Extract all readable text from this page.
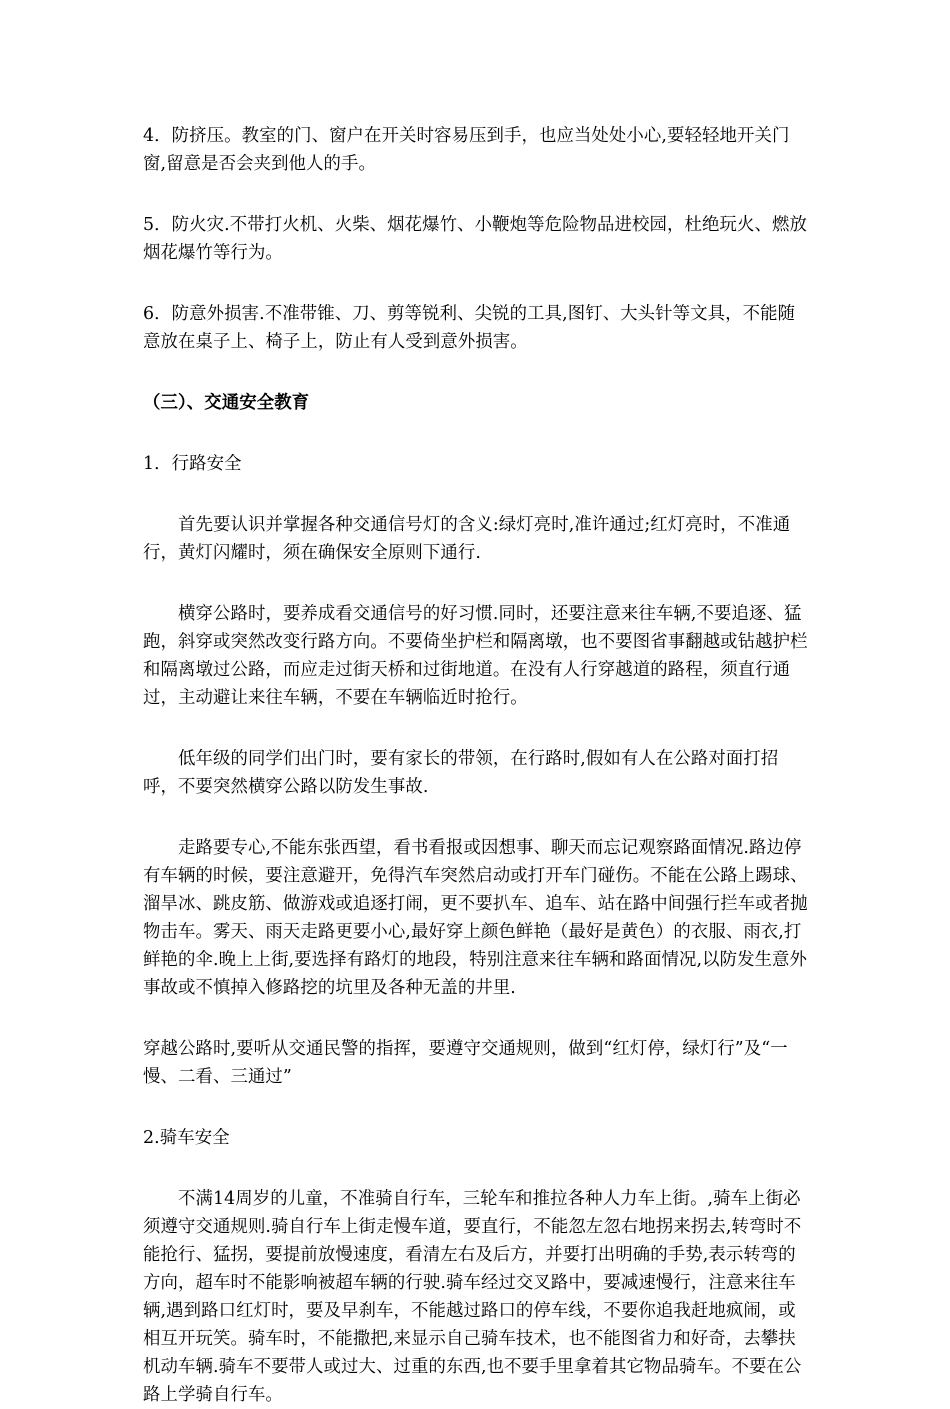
4．防挤压。教室的门、窗户在开关时容易压到手，也应当处处小心,要轻轻地开关门窗,留意是否会夹到他人的手。

5．防火灾.不带打火机、火柴、烟花爆竹、小鞭炮等危险物品进校园，杜绝玩火、燃放烟花爆竹等行为。

6．防意外损害.不准带锥、刀、剪等锐利、尖锐的工具,图钉、大头针等文具，不能随意放在桌子上、椅子上，防止有人受到意外损害。

（三）、交通安全教育

1．行路安全

首先要认识并掌握各种交通信号灯的含义:绿灯亮时,准许通过;红灯亮时，不准通行，黄灯闪耀时，须在确保安全原则下通行.

横穿公路时，要养成看交通信号的好习惯.同时，还要注意来往车辆,不要追逐、猛跑，斜穿或突然改变行路方向。不要倚坐护栏和隔离墩，也不要图省事翻越或钻越护栏和隔离墩过公路，而应走过街天桥和过街地道。在没有人行穿越道的路程，须直行通过，主动避让来往车辆，不要在车辆临近时抢行。

低年级的同学们出门时，要有家长的带领，在行路时,假如有人在公路对面打招呼，不要突然横穿公路以防发生事故.

走路要专心,不能东张西望，看书看报或因想事、聊天而忘记观察路面情况.路边停有车辆的时候，要注意避开，免得汽车突然启动或打开车门碰伤。不能在公路上踢球、溜旱冰、跳皮筋、做游戏或追逐打闹，更不要扒车、追车、站在路中间强行拦车或者抛物击车。雾天、雨天走路更要小心,最好穿上颜色鲜艳（最好是黄色）的衣服、雨衣,打鲜艳的伞.晚上上街,要选择有路灯的地段，特别注意来往车辆和路面情况,以防发生意外事故或不慎掉入修路挖的坑里及各种无盖的井里.

穿越公路时,要听从交通民警的指挥，要遵守交通规则，做到“红灯停，绿灯行”及“一慢、二看、三通过”

2.骑车安全

不满14周岁的儿童，不准骑自行车，三轮车和推拉各种人力车上街。,骑车上街必须遵守交通规则.骑自行车上街走慢车道，要直行，不能忽左忽右地拐来拐去,转弯时不能抢行、猛拐，要提前放慢速度，看清左右及后方，并要打出明确的手势,表示转弯的方向，超车时不能影响被超车辆的行驶.骑车经过交叉路中，要减速慢行，注意来往车辆,遇到路口红灯时，要及早刹车，不能越过路口的停车线，不要你追我赶地疯闹，或相互开玩笑。骑车时，不能撒把,来显示自己骑车技术，也不能图省力和好奇，去攀扶机动车辆.骑车不要带人或过大、过重的东西,也不要手里拿着其它物品骑车。不要在公路上学骑自行车。
